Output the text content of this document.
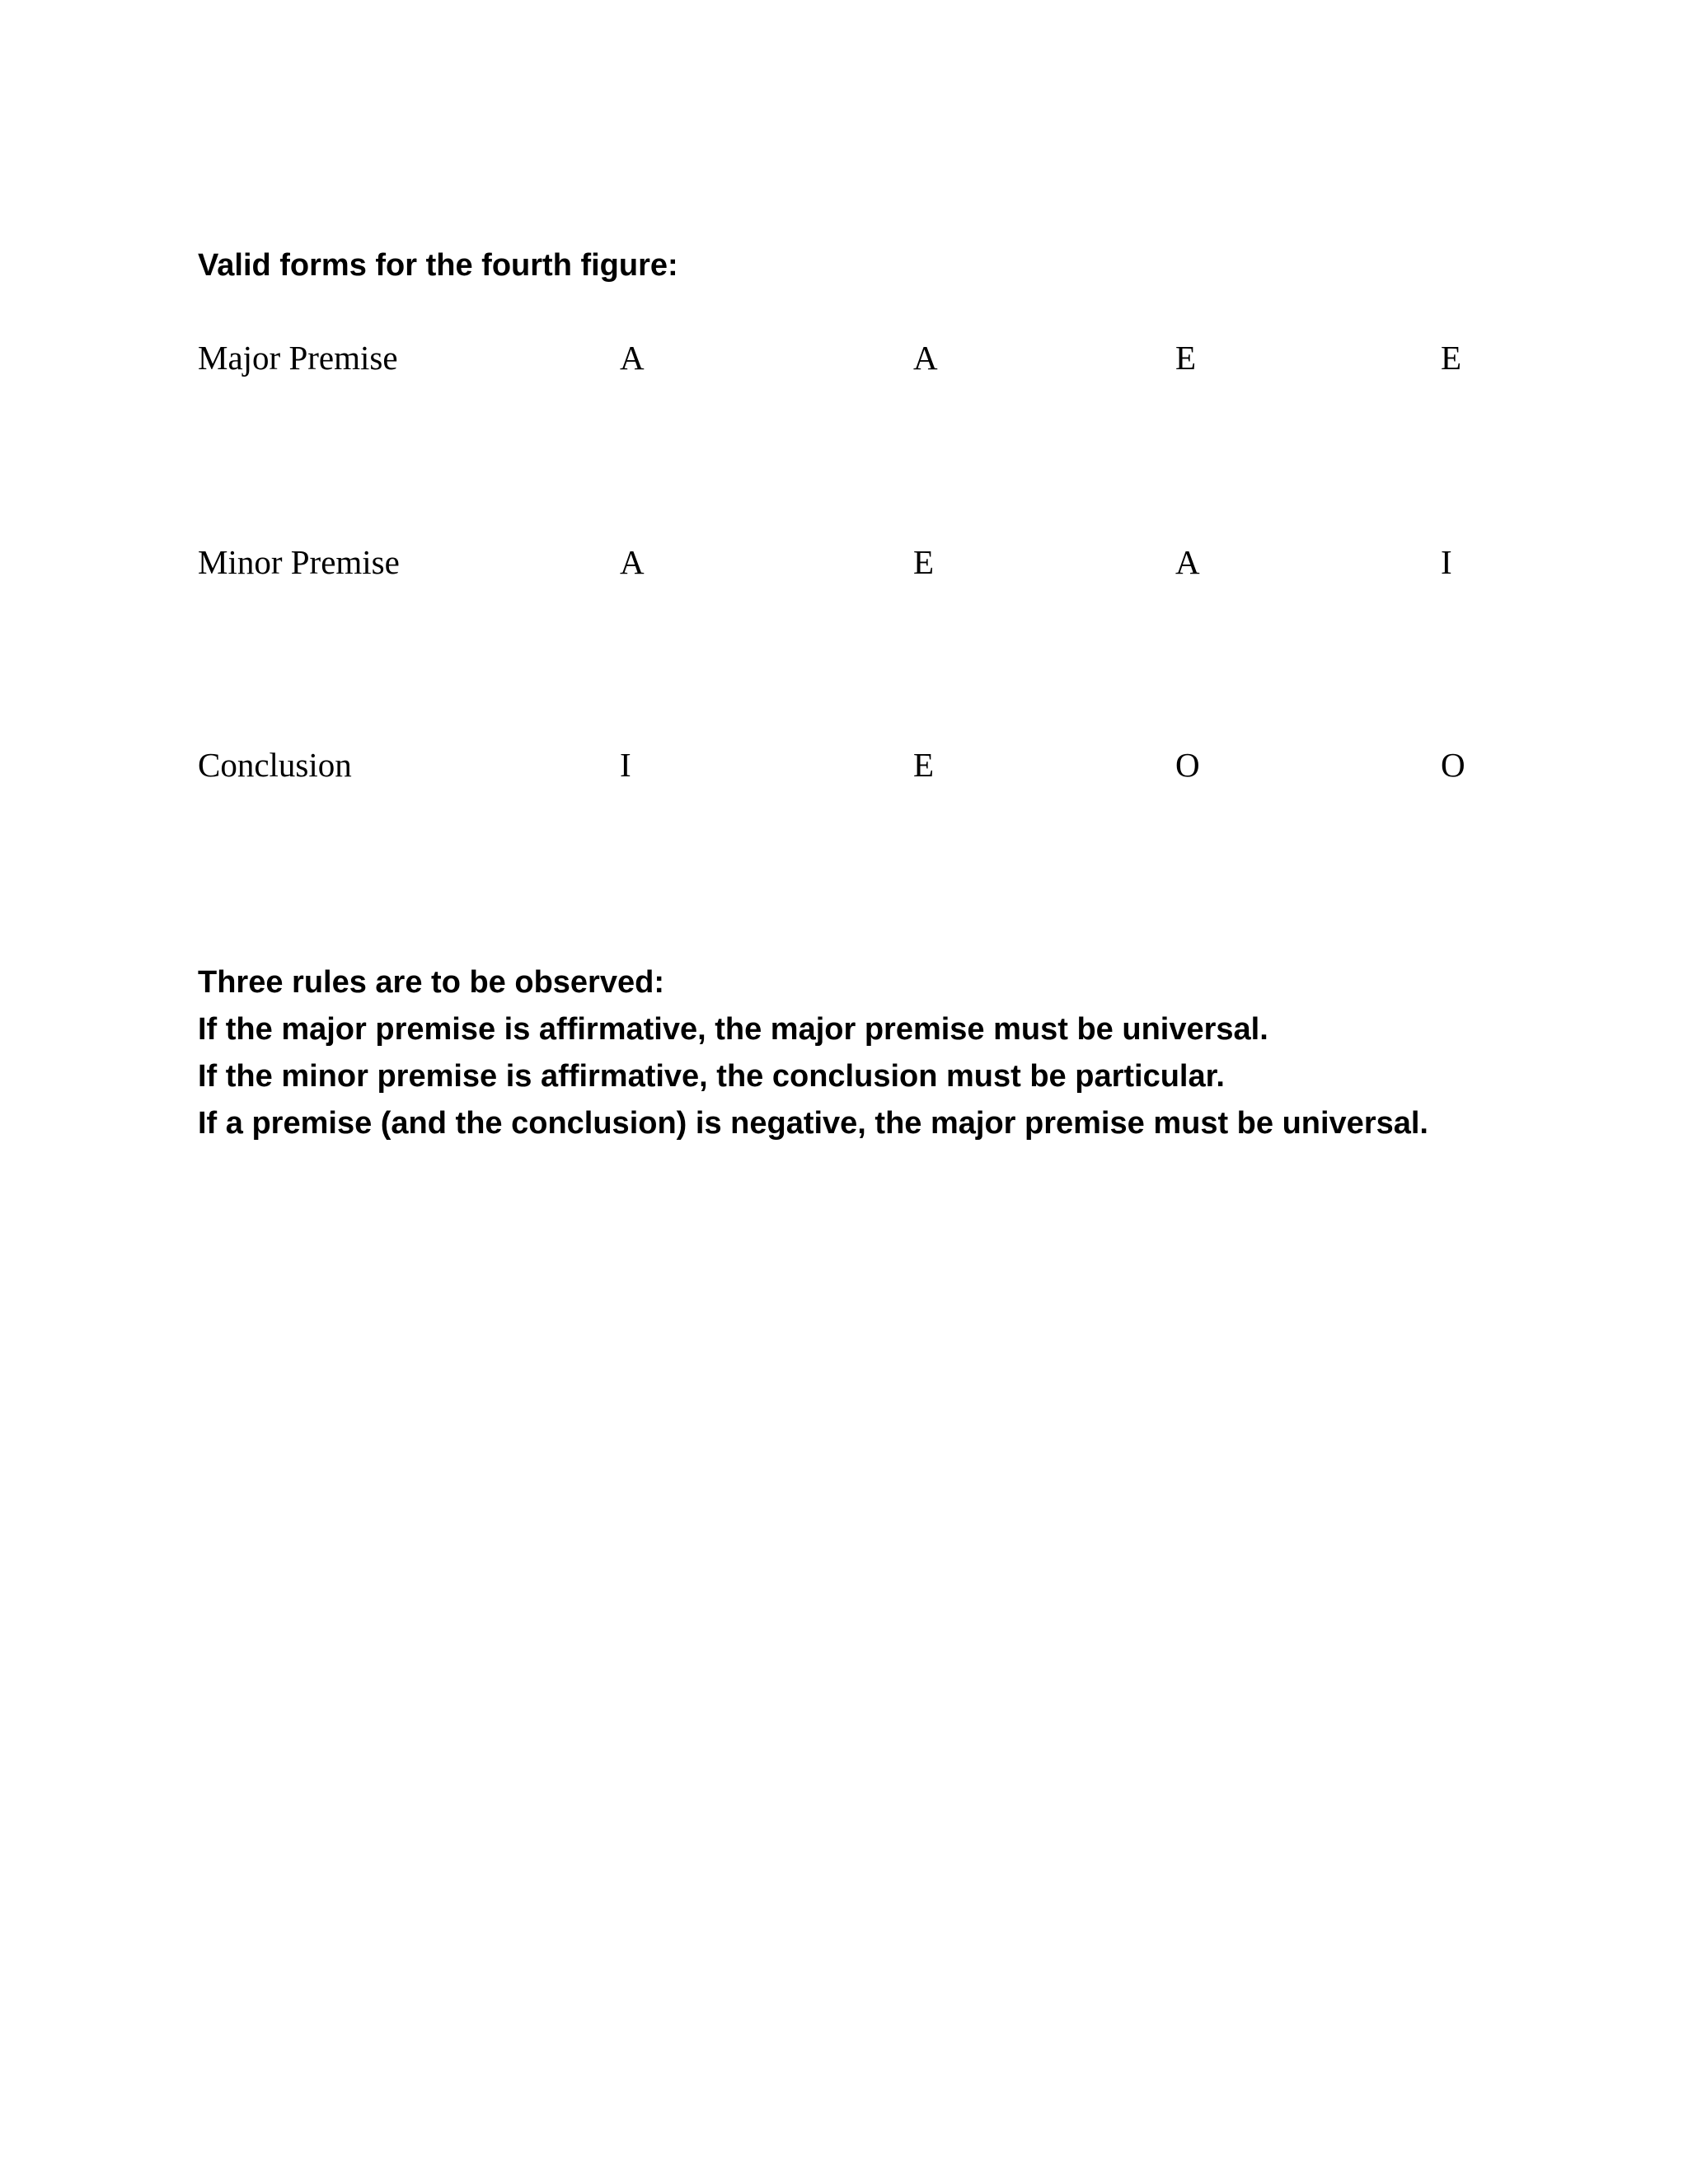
Valid forms for the fourth figure:
Major Premise	A	A	E	E
Minor Premise	A	E	A	I
Conclusion	I	E	O	O

Three rules are to be observed:

If the major premise is affirmative, the major premise must be universal.

If the minor premise is affirmative, the conclusion must be particular.

If a premise (and the conclusion) is negative, the major premise must be universal.
